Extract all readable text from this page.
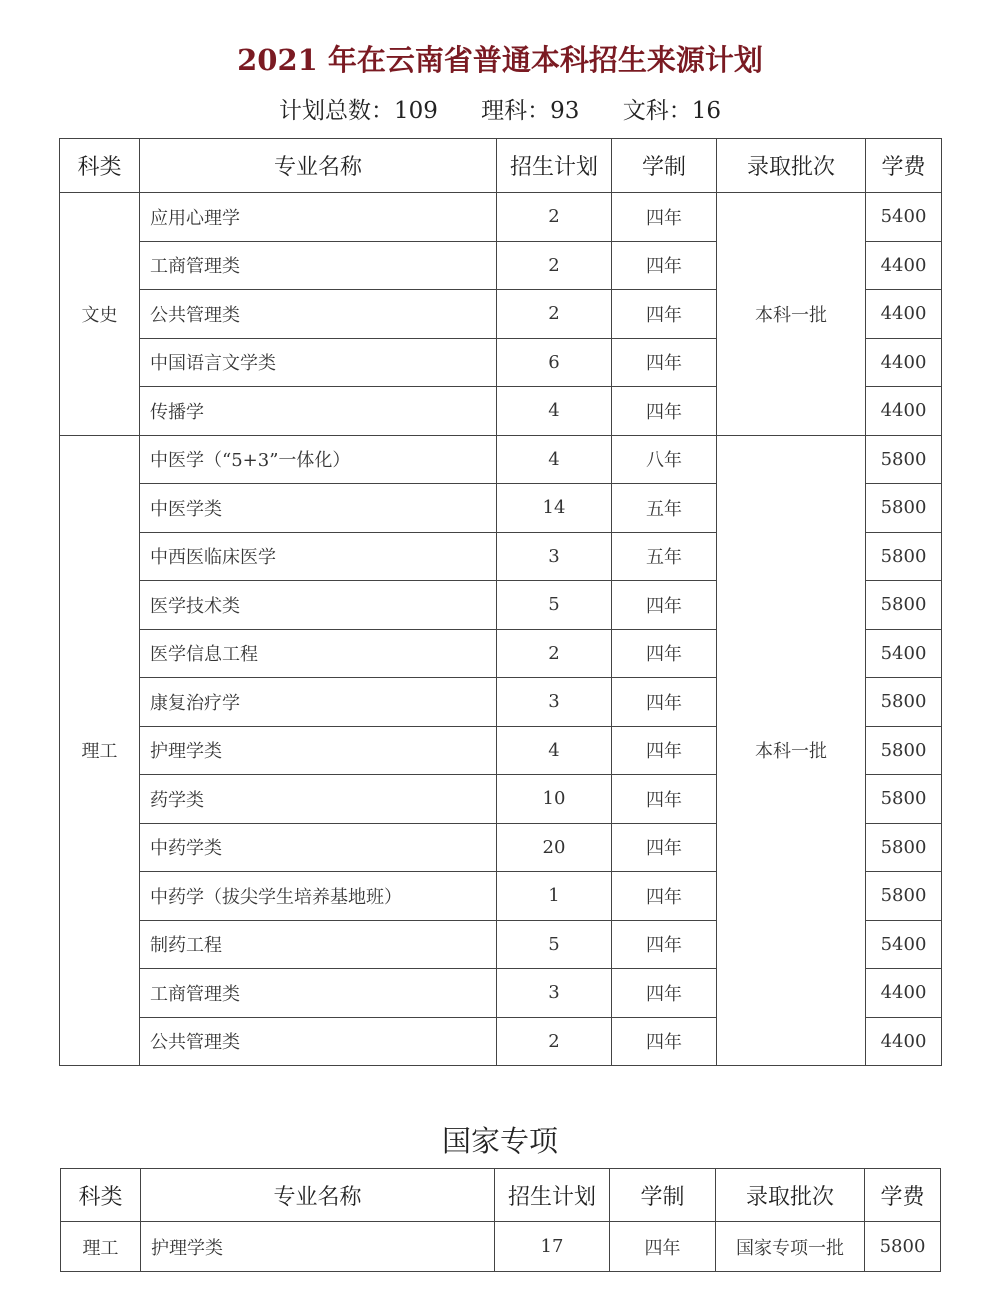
2021 年在云南省普通本科招生来源计划
计划总数：109 理科：93 文科：16
科类	专业名称	招生计划	学制	录取批次	学费
文史	应用心理学	2	四年	本科一批	5400
	工商管理类	2	四年		4400
	公共管理类	2	四年		4400
	中国语言文学类	6	四年		4400
	传播学	4	四年		4400
理工	中医学（“5+3”一体化）	4	八年	本科一批	5800
	中医学类	14	五年		5800
	中西医临床医学	3	五年		5800
	医学技术类	5	四年		5800
	医学信息工程	2	四年		5400
	康复治疗学	3	四年		5800
	护理学类	4	四年		5800
	药学类	10	四年		5800
	中药学类	20	四年		5800
	中药学（拔尖学生培养基地班）	1	四年		5800
	制药工程	5	四年		5400
	工商管理类	3	四年		4400
	公共管理类	2	四年		4400
国家专项
科类	专业名称	招生计划	学制	录取批次	学费
理工	护理学类	17	四年	国家专项一批	5800
